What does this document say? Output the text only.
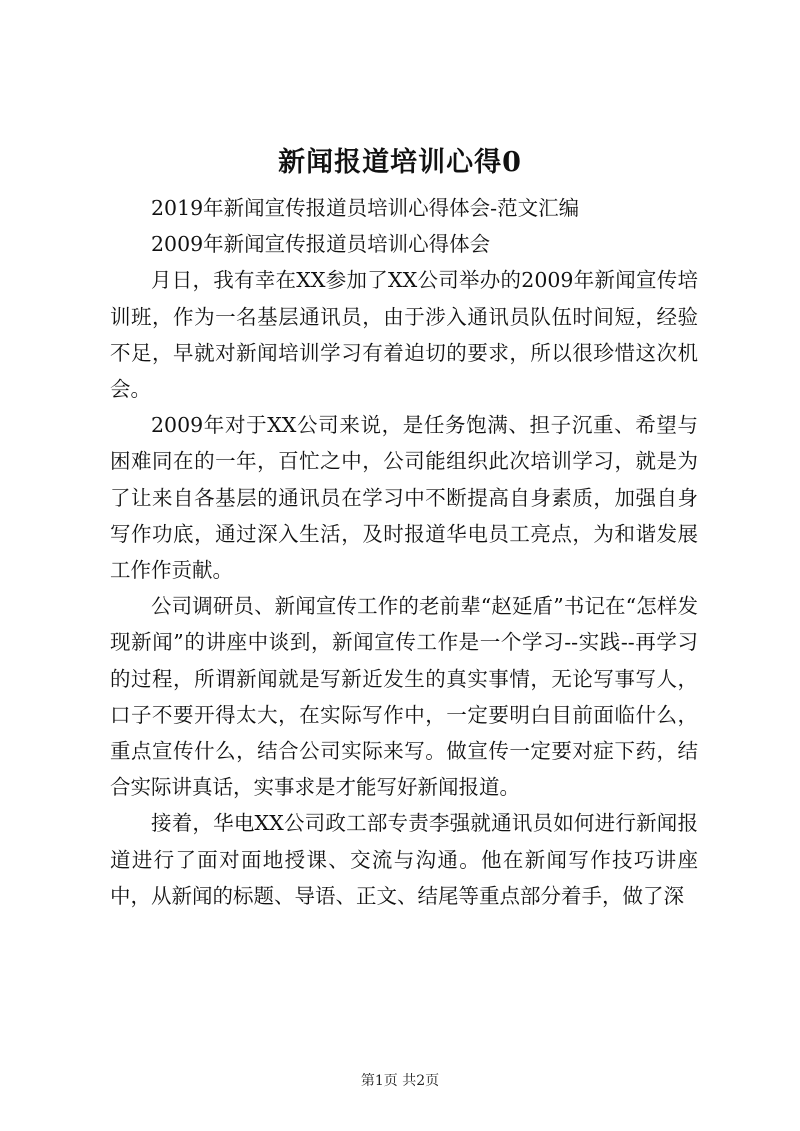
新闻报道培训心得0

2019年新闻宣传报道员培训心得体会-范文汇编

2009年新闻宣传报道员培训心得体会

月日，我有幸在XX参加了XX公司举办的2009年新闻宣传培训班，作为一名基层通讯员，由于涉入通讯员队伍时间短，经验不足，早就对新闻培训学习有着迫切的要求，所以很珍惜这次机会。

2009年对于XX公司来说，是任务饱满、担子沉重、希望与困难同在的一年，百忙之中，公司能组织此次培训学习，就是为了让来自各基层的通讯员在学习中不断提高自身素质，加强自身写作功底，通过深入生活，及时报道华电员工亮点，为和谐发展工作作贡献。

公司调研员、新闻宣传工作的老前辈“赵延盾”书记在“怎样发现新闻”的讲座中谈到，新闻宣传工作是一个学习--实践--再学习的过程，所谓新闻就是写新近发生的真实事情，无论写事写人，口子不要开得太大，在实际写作中，一定要明白目前面临什么，重点宣传什么，结合公司实际来写。做宣传一定要对症下药，结合实际讲真话，实事求是才能写好新闻报道。

接着，华电XX公司政工部专责李强就通讯员如何进行新闻报道进行了面对面地授课、交流与沟通。他在新闻写作技巧讲座中，从新闻的标题、导语、正文、结尾等重点部分着手，做了深

第1页 共2页
